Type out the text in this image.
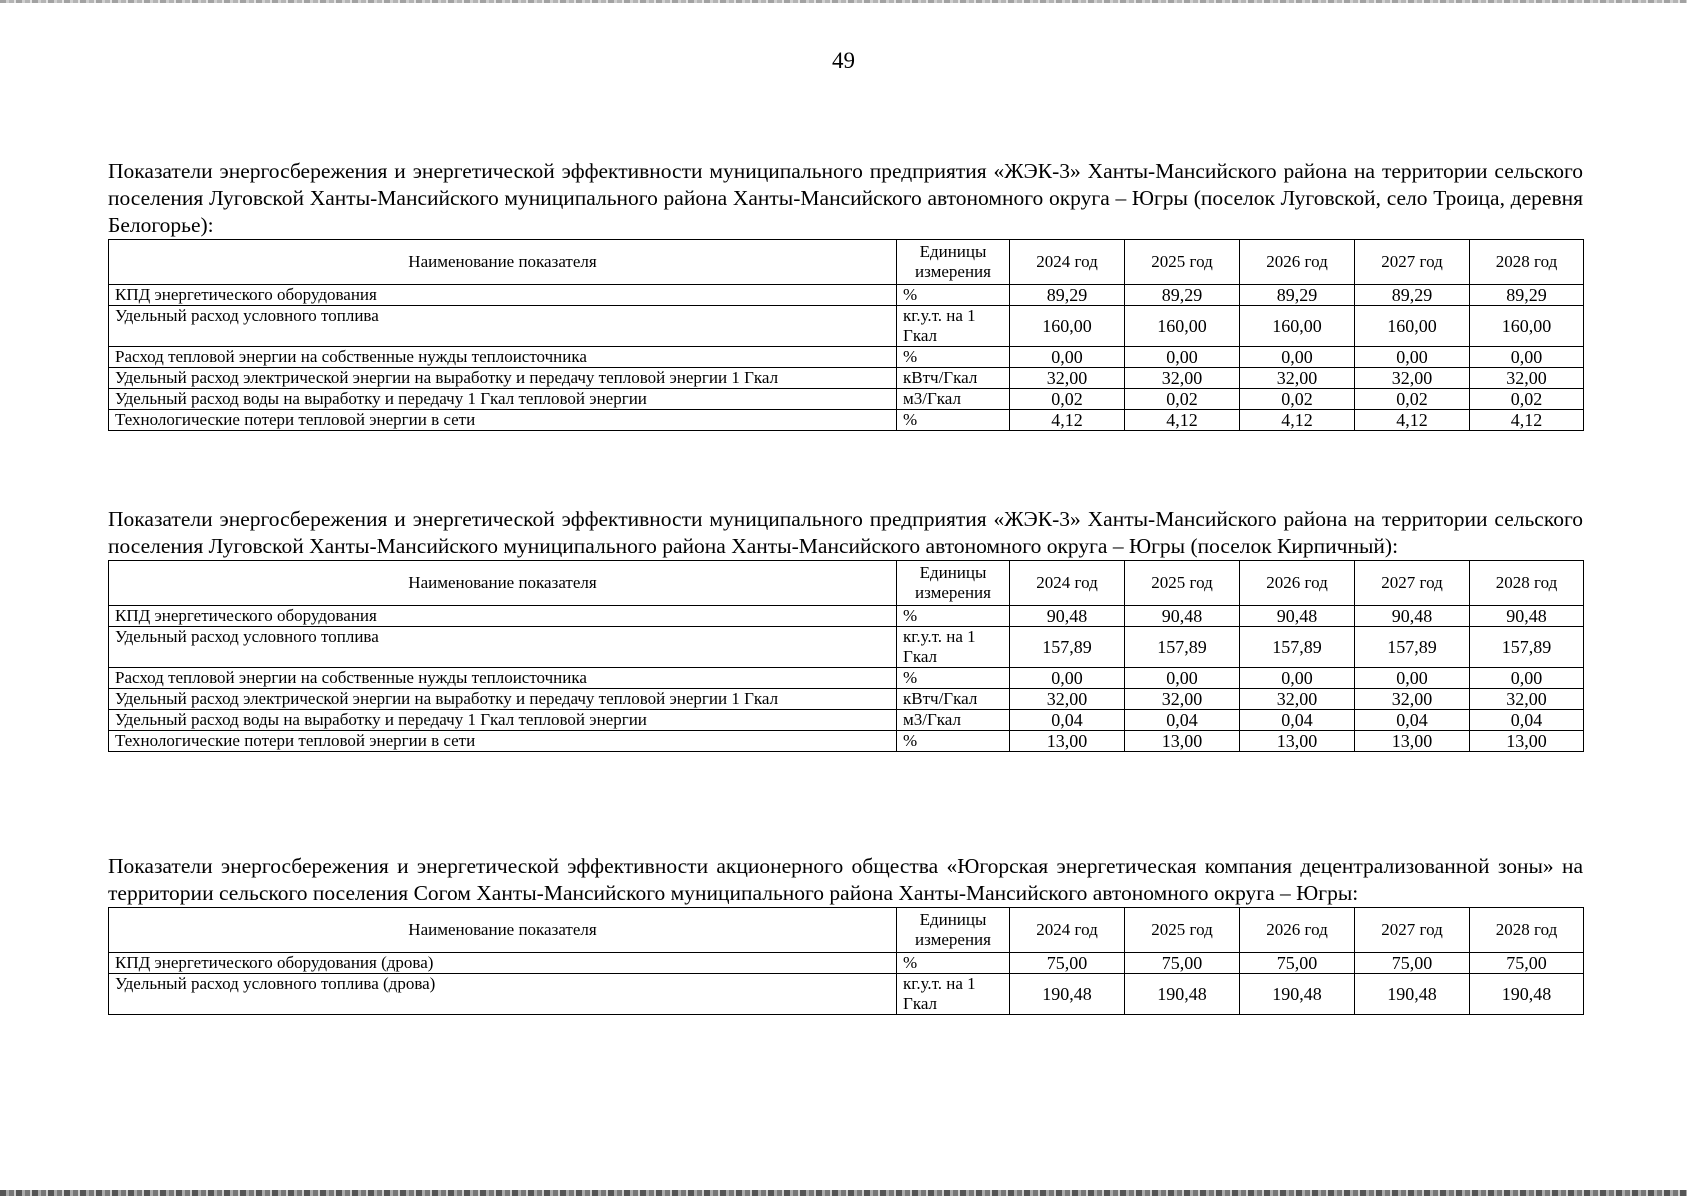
49

Показатели энергосбережения и энергетической эффективности муниципального предприятия «ЖЭК-3» Ханты-Мансийского района на территории сельского поселения Луговской Ханты-Мансийского муниципального района Ханты-Мансийского автономного округа – Югры (поселок Луговской, село Троица, деревня Белогорье):

Наименование показателя	Единицы измерения	2024 год	2025 год	2026 год	2027 год	2028 год
КПД энергетического оборудования	%	89,29	89,29	89,29	89,29	89,29
Удельный расход условного топлива	кг.у.т. на 1 Гкал	160,00	160,00	160,00	160,00	160,00
Расход тепловой энергии на собственные нужды теплоисточника	%	0,00	0,00	0,00	0,00	0,00
Удельный расход электрической энергии на выработку и передачу тепловой энергии 1 Гкал	кВтч/Гкал	32,00	32,00	32,00	32,00	32,00
Удельный расход воды на выработку и передачу 1 Гкал тепловой энергии	м3/Гкал	0,02	0,02	0,02	0,02	0,02
Технологические потери тепловой энергии в сети	%	4,12	4,12	4,12	4,12	4,12

Показатели энергосбережения и энергетической эффективности муниципального предприятия «ЖЭК-3» Ханты-Мансийского района на территории сельского поселения Луговской Ханты-Мансийского муниципального района Ханты-Мансийского автономного округа – Югры (поселок Кирпичный):

Наименование показателя	Единицы измерения	2024 год	2025 год	2026 год	2027 год	2028 год
КПД энергетического оборудования	%	90,48	90,48	90,48	90,48	90,48
Удельный расход условного топлива	кг.у.т. на 1 Гкал	157,89	157,89	157,89	157,89	157,89
Расход тепловой энергии на собственные нужды теплоисточника	%	0,00	0,00	0,00	0,00	0,00
Удельный расход электрической энергии на выработку и передачу тепловой энергии 1 Гкал	кВтч/Гкал	32,00	32,00	32,00	32,00	32,00
Удельный расход воды на выработку и передачу 1 Гкал тепловой энергии	м3/Гкал	0,04	0,04	0,04	0,04	0,04
Технологические потери тепловой энергии в сети	%	13,00	13,00	13,00	13,00	13,00

Показатели энергосбережения и энергетической эффективности акционерного общества «Югорская энергетическая компания децентрализованной зоны» на территории сельского поселения Согом Ханты-Мансийского муниципального района Ханты-Мансийского автономного округа – Югры:

Наименование показателя	Единицы измерения	2024 год	2025 год	2026 год	2027 год	2028 год
КПД энергетического оборудования (дрова)	%	75,00	75,00	75,00	75,00	75,00
Удельный расход условного топлива (дрова)	кг.у.т. на 1 Гкал	190,48	190,48	190,48	190,48	190,48
